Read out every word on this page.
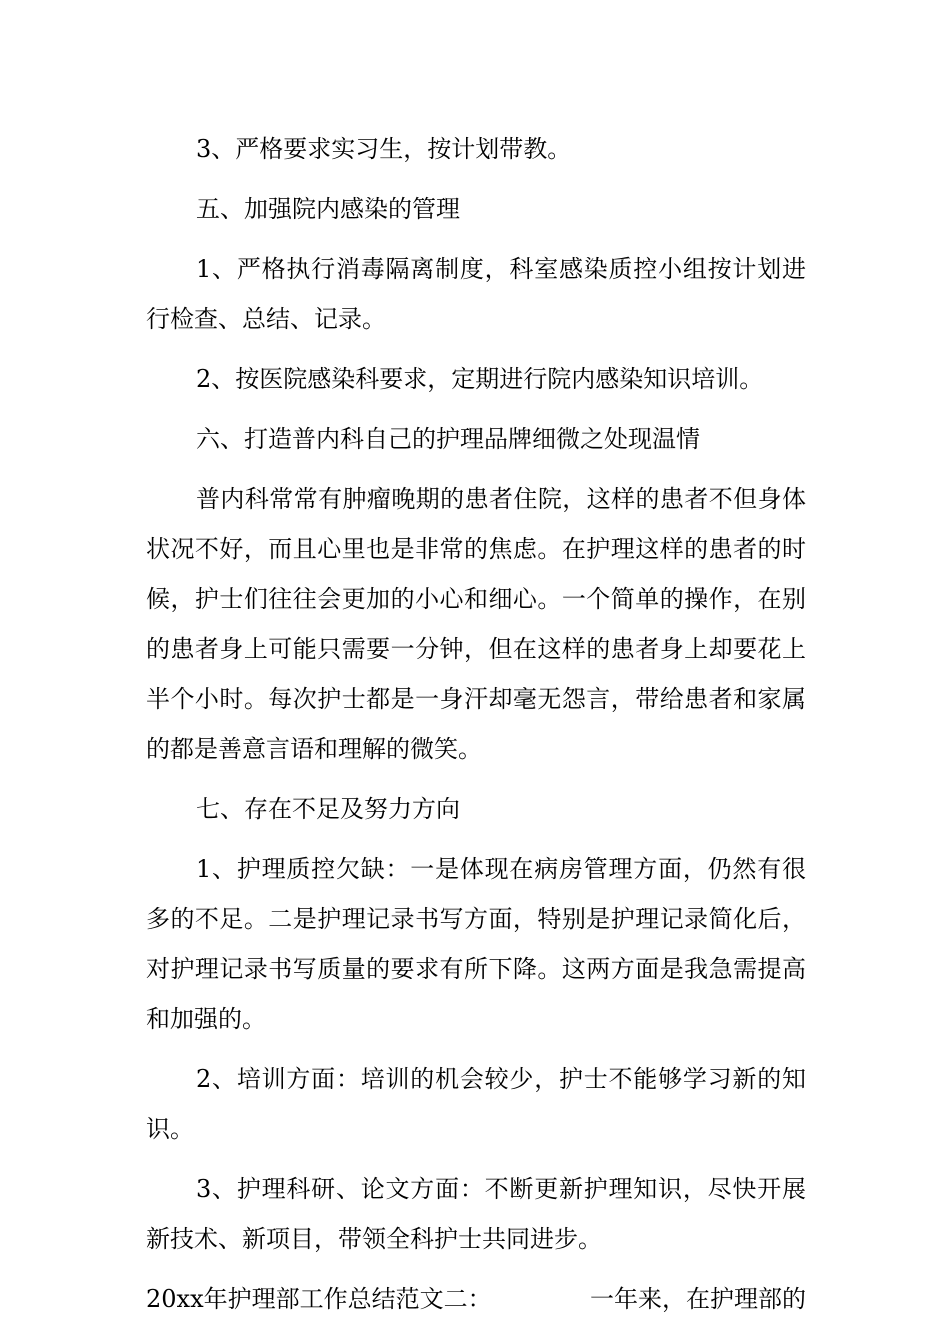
3、严格要求实习生，按计划带教。

五、加强院内感染的管理

1、严格执行消毒隔离制度，科室感染质控小组按计划进行检查、总结、记录。

2、按医院感染科要求，定期进行院内感染知识培训。

六、打造普内科自己的护理品牌细微之处现温情

普内科常常有肿瘤晚期的患者住院，这样的患者不但身体状况不好，而且心里也是非常的焦虑。在护理这样的患者的时候，护士们往往会更加的小心和细心。一个简单的操作，在别的患者身上可能只需要一分钟，但在这样的患者身上却要花上半个小时。每次护士都是一身汗却毫无怨言，带给患者和家属的都是善意言语和理解的微笑。

七、存在不足及努力方向

1、护理质控欠缺：一是体现在病房管理方面，仍然有很多的不足。二是护理记录书写方面，特别是护理记录简化后，对护理记录书写质量的要求有所下降。这两方面是我急需提高和加强的。

2、培训方面：培训的机会较少，护士不能够学习新的知识。

3、护理科研、论文方面：不断更新护理知识，尽快开展新技术、新项目，带领全科护士共同进步。

20xx年护理部工作总结范文二：	一年来，在护理部的
